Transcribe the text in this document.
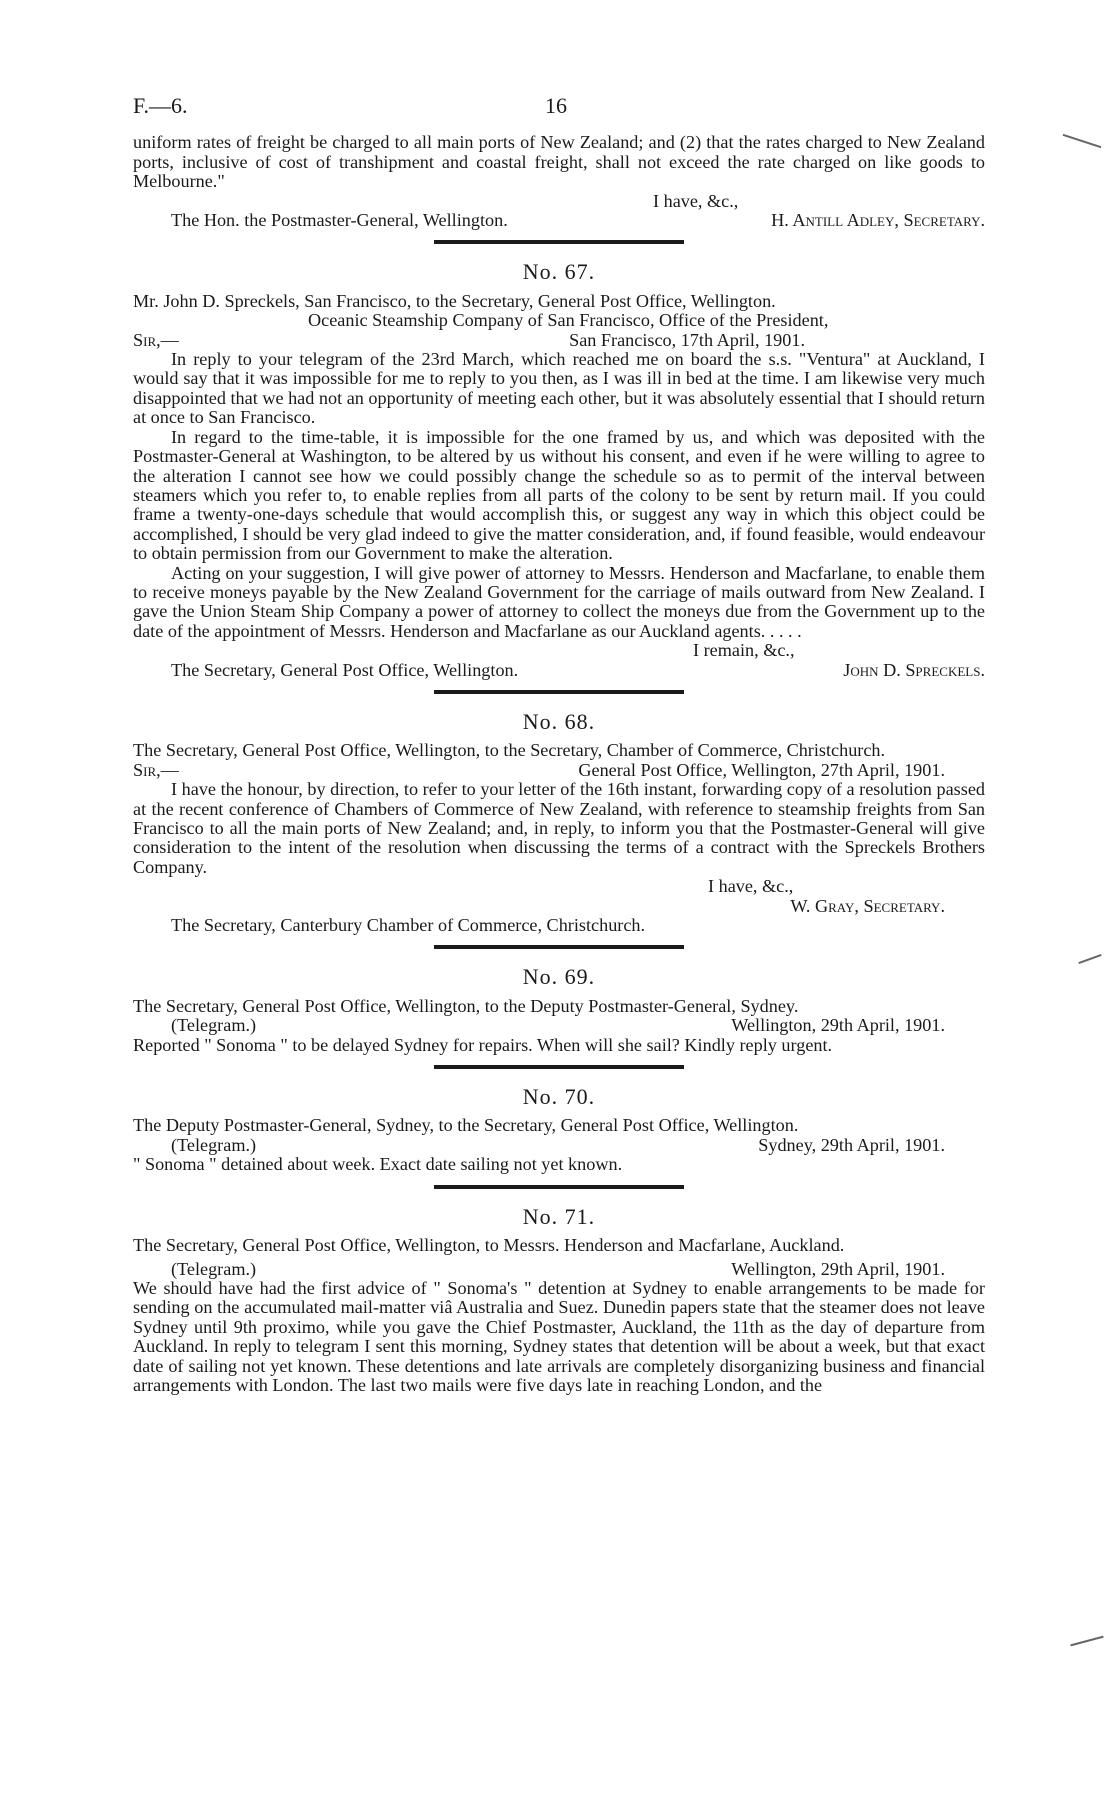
F.—6.	16

uniform rates of freight be charged to all main ports of New Zealand; and (2) that the rates charged to New Zealand ports, inclusive of cost of transhipment and coastal freight, shall not exceed the rate charged on like goods to Melbourne."

I have, &c.,
The Hon. the Postmaster-General, Wellington.	H. Antill Adley, Secretary.
No. 67.

Mr. John D. Spreckels, San Francisco, to the Secretary, General Post Office, Wellington.

Oceanic Steamship Company of San Francisco, Office of the President,
Sir,—	San Francisco, 17th April, 1901.

In reply to your telegram of the 23rd March, which reached me on board the s.s. "Ventura" at Auckland, I would say that it was impossible for me to reply to you then, as I was ill in bed at the time. I am likewise very much disappointed that we had not an opportunity of meeting each other, but it was absolutely essential that I should return at once to San Francisco.

In regard to the time-table, it is impossible for the one framed by us, and which was deposited with the Postmaster-General at Washington, to be altered by us without his consent, and even if he were willing to agree to the alteration I cannot see how we could possibly change the schedule so as to permit of the interval between steamers which you refer to, to enable replies from all parts of the colony to be sent by return mail. If you could frame a twenty-one-days schedule that would accomplish this, or suggest any way in which this object could be accomplished, I should be very glad indeed to give the matter consideration, and, if found feasible, would endeavour to obtain permission from our Government to make the alteration.

Acting on your suggestion, I will give power of attorney to Messrs. Henderson and Macfarlane, to enable them to receive moneys payable by the New Zealand Government for the carriage of mails outward from New Zealand. I gave the Union Steam Ship Company a power of attorney to collect the moneys due from the Government up to the date of the appointment of Messrs. Henderson and Macfarlane as our Auckland agents. . . . .

I remain, &c.,
The Secretary, General Post Office, Wellington.	John D. Spreckels.
No. 68.

The Secretary, General Post Office, Wellington, to the Secretary, Chamber of Commerce, Christchurch.

Sir,—	General Post Office, Wellington, 27th April, 1901.

I have the honour, by direction, to refer to your letter of the 16th instant, forwarding copy of a resolution passed at the recent conference of Chambers of Commerce of New Zealand, with reference to steamship freights from San Francisco to all the main ports of New Zealand; and, in reply, to inform you that the Postmaster-General will give consideration to the intent of the resolution when discussing the terms of a contract with the Spreckels Brothers Company.

I have, &c.,
W. Gray, Secretary.
The Secretary, Canterbury Chamber of Commerce, Christchurch.
No. 69.

The Secretary, General Post Office, Wellington, to the Deputy Postmaster-General, Sydney.

(Telegram.)	Wellington, 29th April, 1901.

Reported " Sonoma " to be delayed Sydney for repairs. When will she sail? Kindly reply urgent.

No. 70.

The Deputy Postmaster-General, Sydney, to the Secretary, General Post Office, Wellington.

(Telegram.)	Sydney, 29th April, 1901.

" Sonoma " detained about week. Exact date sailing not yet known.

No. 71.

The Secretary, General Post Office, Wellington, to Messrs. Henderson and Macfarlane, Auckland.

(Telegram.)	Wellington, 29th April, 1901.

We should have had the first advice of " Sonoma's " detention at Sydney to enable arrangements to be made for sending on the accumulated mail-matter viâ Australia and Suez. Dunedin papers state that the steamer does not leave Sydney until 9th proximo, while you gave the Chief Postmaster, Auckland, the 11th as the day of departure from Auckland. In reply to telegram I sent this morning, Sydney states that detention will be about a week, but that exact date of sailing not yet known. These detentions and late arrivals are completely disorganizing business and financial arrangements with London. The last two mails were five days late in reaching London, and the
